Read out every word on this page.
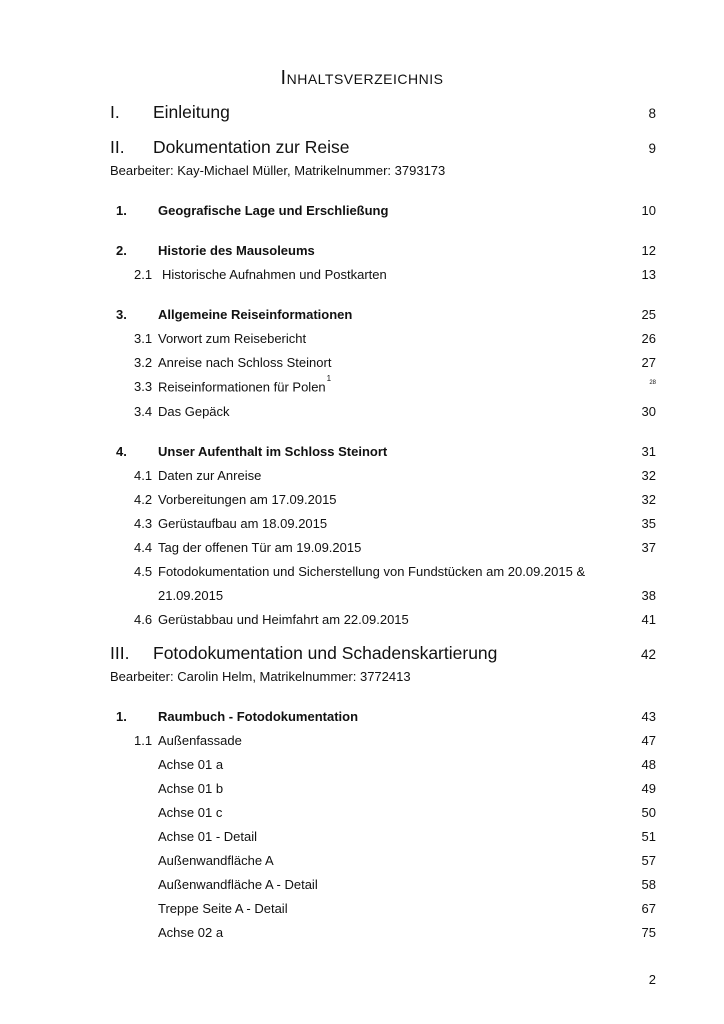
Inhaltsverzeichnis
I. Einleitung	8
II. Dokumentation zur Reise	9
Bearbeiter: Kay-Michael Müller, Matrikelnummer: 3793173
1. Geografische Lage und Erschließung	10
2. Historie des Mausoleums	12
2.1 Historische Aufnahmen und Postkarten	13
3. Allgemeine Reiseinformationen	25
3.1 Vorwort zum Reisebericht	26
3.2 Anreise nach Schloss Steinort	27
3.3 Reiseinformationen für Polen$^1$	28
3.4 Das Gepäck	30
4. Unser Aufenthalt im Schloss Steinort	31
4.1 Daten zur Anreise	32
4.2 Vorbereitungen am 17.09.2015	32
4.3 Gerüstaufbau am 18.09.2015	35
4.4 Tag der offenen Tür am 19.09.2015	37
4.5 Fotodokumentation und Sicherstellung von Fundstücken am 20.09.2015 &
21.09.2015	38
4.6 Gerüstabbau und Heimfahrt am 22.09.2015	41
III. Fotodokumentation und Schadenskartierung	42
Bearbeiter: Carolin Helm, Matrikelnummer: 3772413
1. Raumbuch - Fotodokumentation	43
1.1 Außenfassade	47
Achse 01 a	48
Achse 01 b	49
Achse 01 c	50
Achse 01 - Detail	51
Außenwandfläche A	57
Außenwandfläche A - Detail	58
Treppe Seite A - Detail	67
Achse 02 a	75
2
